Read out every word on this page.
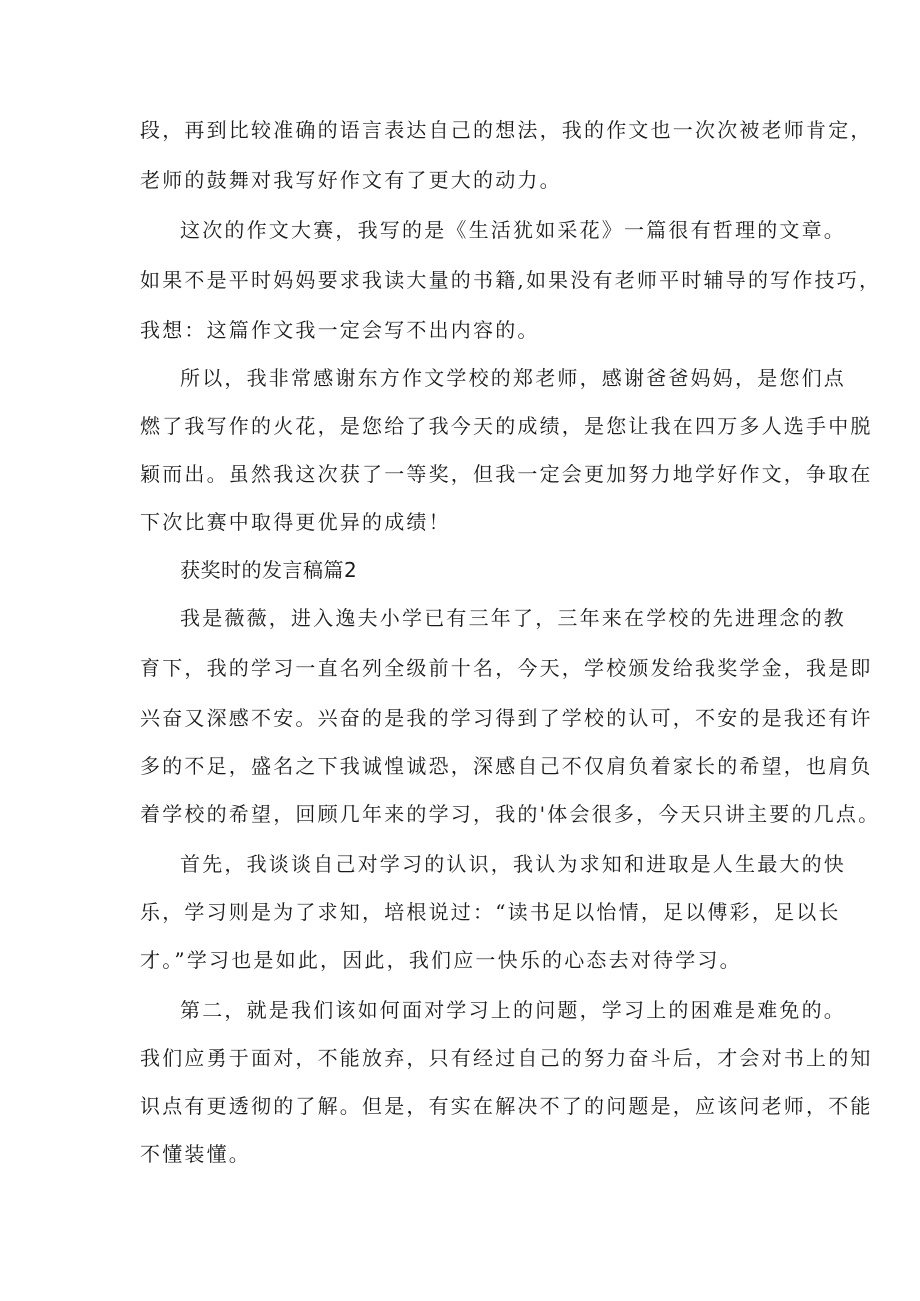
段，再到比较准确的语言表达自己的想法，我的作文也一次次被老师肯定，
老师的鼓舞对我写好作文有了更大的动力。
这次的作文大赛，我写的是《生活犹如采花》一篇很有哲理的文章。
如果不是平时妈妈要求我读大量的书籍,如果没有老师平时辅导的写作技巧，
我想：这篇作文我一定会写不出内容的。
所以，我非常感谢东方作文学校的郑老师，感谢爸爸妈妈，是您们点
燃了我写作的火花，是您给了我今天的成绩，是您让我在四万多人选手中脱
颖而出。虽然我这次获了一等奖，但我一定会更加努力地学好作文，争取在
下次比赛中取得更优异的成绩！
获奖时的发言稿篇2
我是薇薇，进入逸夫小学已有三年了，三年来在学校的先进理念的教
育下，我的学习一直名列全级前十名，今天，学校颁发给我奖学金，我是即
兴奋又深感不安。兴奋的是我的学习得到了学校的认可，不安的是我还有许
多的不足，盛名之下我诚惶诚恐，深感自己不仅肩负着家长的希望，也肩负
着学校的希望，回顾几年来的学习，我的'体会很多，今天只讲主要的几点。
首先，我谈谈自己对学习的认识，我认为求知和进取是人生最大的快
乐，学习则是为了求知，培根说过：“读书足以怡情，足以傅彩，足以长
才。”学习也是如此，因此，我们应一快乐的心态去对待学习。
第二，就是我们该如何面对学习上的问题，学习上的困难是难免的。
我们应勇于面对，不能放弃，只有经过自己的努力奋斗后，才会对书上的知
识点有更透彻的了解。但是，有实在解决不了的问题是，应该问老师，不能
不懂装懂。
